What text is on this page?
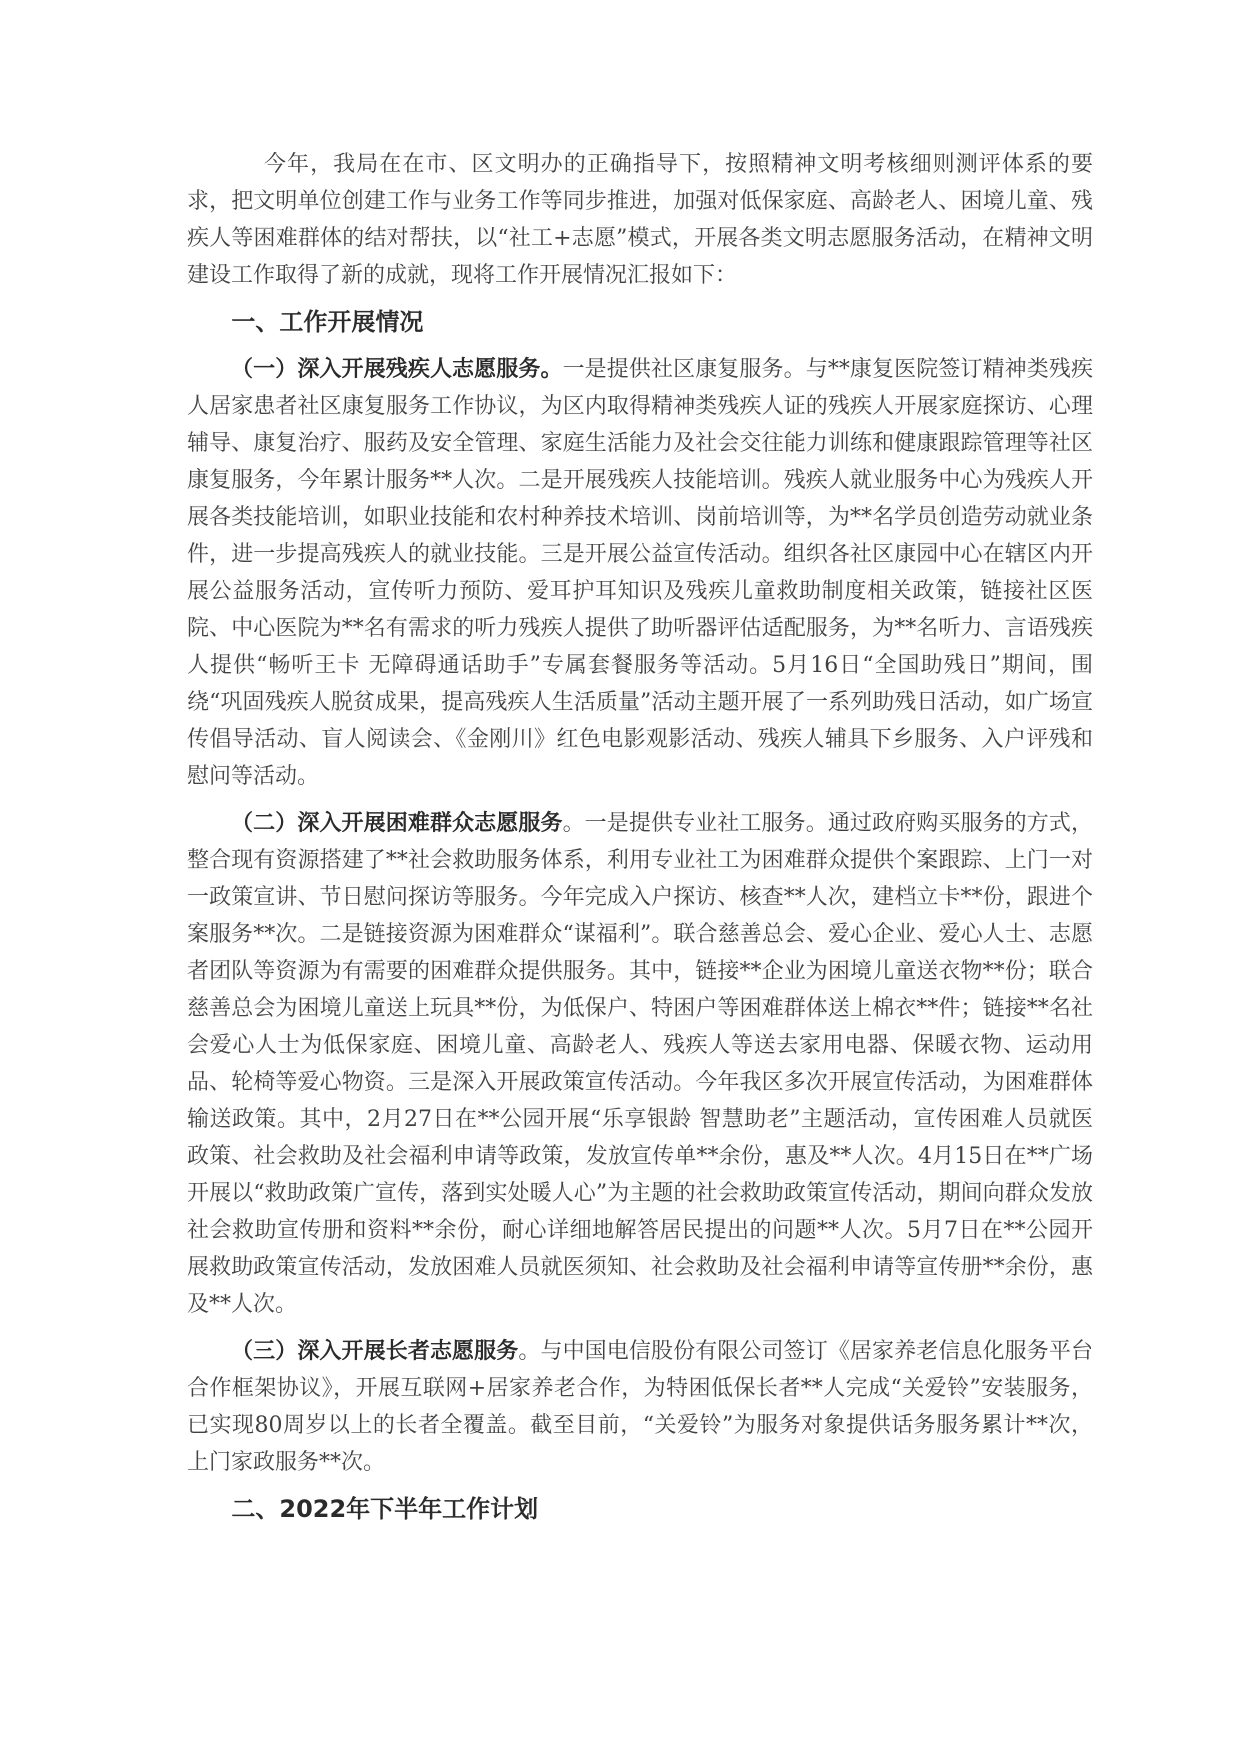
今年，我局在在市、区文明办的正确指导下，按照精神文明考核细则测评体系的要求，把文明单位创建工作与业务工作等同步推进，加强对低保家庭、高龄老人、困境儿童、残疾人等困难群体的结对帮扶，以“社工+志愿”模式，开展各类文明志愿服务活动，在精神文明建设工作取得了新的成就，现将工作开展情况汇报如下：

一、工作开展情况

（一）深入开展残疾人志愿服务。一是提供社区康复服务。与**康复医院签订精神类残疾人居家患者社区康复服务工作协议，为区内取得精神类残疾人证的残疾人开展家庭探访、心理辅导、康复治疗、服药及安全管理、家庭生活能力及社会交往能力训练和健康跟踪管理等社区康复服务，今年累计服务**人次。二是开展残疾人技能培训。残疾人就业服务中心为残疾人开展各类技能培训，如职业技能和农村种养技术培训、岗前培训等，为**名学员创造劳动就业条件，进一步提高残疾人的就业技能。三是开展公益宣传活动。组织各社区康园中心在辖区内开展公益服务活动，宣传听力预防、爱耳护耳知识及残疾儿童救助制度相关政策，链接社区医院、中心医院为**名有需求的听力残疾人提供了助听器评估适配服务，为**名听力、言语残疾人提供“畅听王卡 无障碍通话助手”专属套餐服务等活动。5月16日“全国助残日”期间，围绕“巩固残疾人脱贫成果，提高残疾人生活质量”活动主题开展了一系列助残日活动，如广场宣传倡导活动、盲人阅读会、《金刚川》红色电影观影活动、残疾人辅具下乡服务、入户评残和慰问等活动。

（二）深入开展困难群众志愿服务。一是提供专业社工服务。通过政府购买服务的方式，整合现有资源搭建了**社会救助服务体系，利用专业社工为困难群众提供个案跟踪、上门一对一政策宣讲、节日慰问探访等服务。今年完成入户探访、核查**人次，建档立卡**份，跟进个案服务**次。二是链接资源为困难群众“谋福利”。联合慈善总会、爱心企业、爱心人士、志愿者团队等资源为有需要的困难群众提供服务。其中，链接**企业为困境儿童送衣物**份；联合慈善总会为困境儿童送上玩具**份，为低保户、特困户等困难群体送上棉衣**件；链接**名社会爱心人士为低保家庭、困境儿童、高龄老人、残疾人等送去家用电器、保暖衣物、运动用品、轮椅等爱心物资。三是深入开展政策宣传活动。今年我区多次开展宣传活动，为困难群体输送政策。其中，2月27日在**公园开展“乐享银龄 智慧助老”主题活动，宣传困难人员就医政策、社会救助及社会福利申请等政策，发放宣传单**余份，惠及**人次。4月15日在**广场开展以“救助政策广宣传，落到实处暖人心”为主题的社会救助政策宣传活动，期间向群众发放社会救助宣传册和资料**余份，耐心详细地解答居民提出的问题**人次。5月7日在**公园开展救助政策宣传活动，发放困难人员就医须知、社会救助及社会福利申请等宣传册**余份，惠及**人次。

（三）深入开展长者志愿服务。与中国电信股份有限公司签订《居家养老信息化服务平台合作框架协议》，开展互联网+居家养老合作，为特困低保长者**人完成“关爱铃”安装服务，已实现80周岁以上的长者全覆盖。截至目前，“关爱铃”为服务对象提供话务服务累计**次，上门家政服务**次。

二、2022年下半年工作计划
